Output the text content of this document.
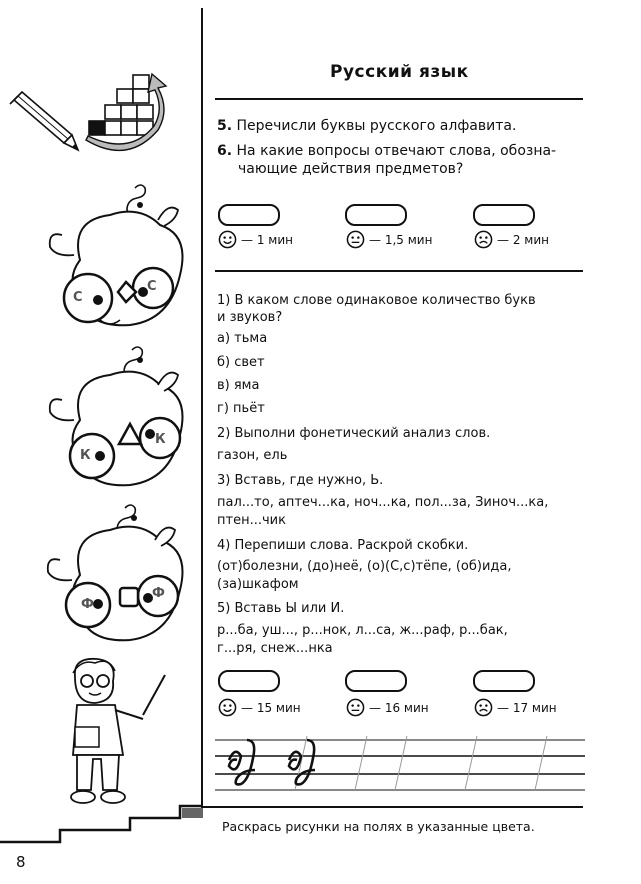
С
С
К
К
Ф
Ф
Русский язык
5. Перечисли буквы русского алфавита.
6. На какие вопросы отвечают слова, обозна-
чающие действия предметов?
— 1 мин	— 1,5 мин	— 2 мин
1) В каком слове одинаковое количество букв
и звуков?
а) тьма
б) свет
в) яма
г) пьёт
2) Выполни фонетический анализ слов.
газон, ель
3) Вставь, где нужно, Ь.
пал...то, аптеч...ка, ноч...ка, пол...за, Зиноч...ка,
птен...чик
4) Перепиши слова. Раскрой скобки.
(от)болезни, (до)неё, (о)(С,с)тёпе, (об)ида,
(за)шкафом
5) Вставь Ы или И.
р...ба, уш..., р...нок, л...са, ж...раф, р...бак,
г...ря, снеж...нка
— 15 мин	— 16 мин	— 17 мин
Раскрась рисунки на полях в указанные цвета.
8
